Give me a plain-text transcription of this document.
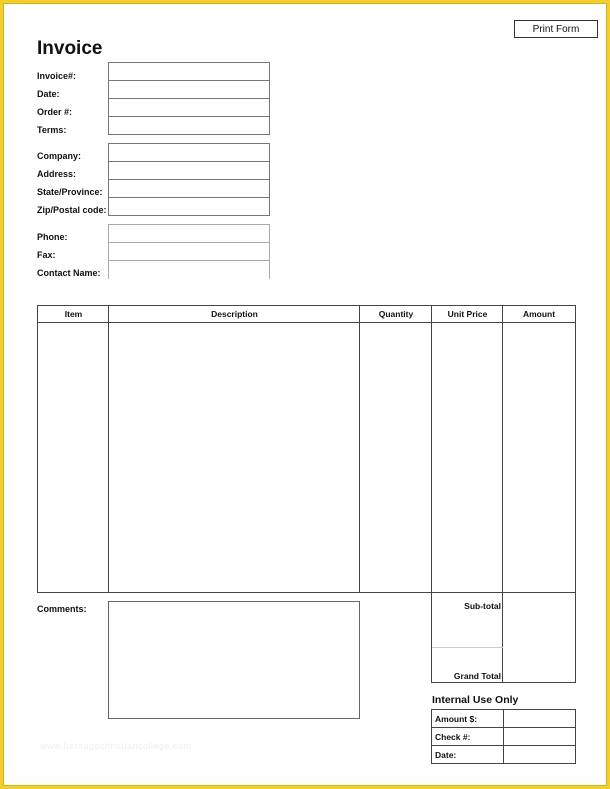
Print Form
Invoice
Invoice#:
Date:
Order #:
Terms:
Company:
Address:
State/Province:
Zip/Postal code:
Phone:
Fax:
Contact Name:
Item	Description	Quantity	Unit Price	Amount
Comments:	Sub-total
Grand Total
Internal Use Only
Amount $:
Check #:
Date:
www.heritagechristiancollege.com
